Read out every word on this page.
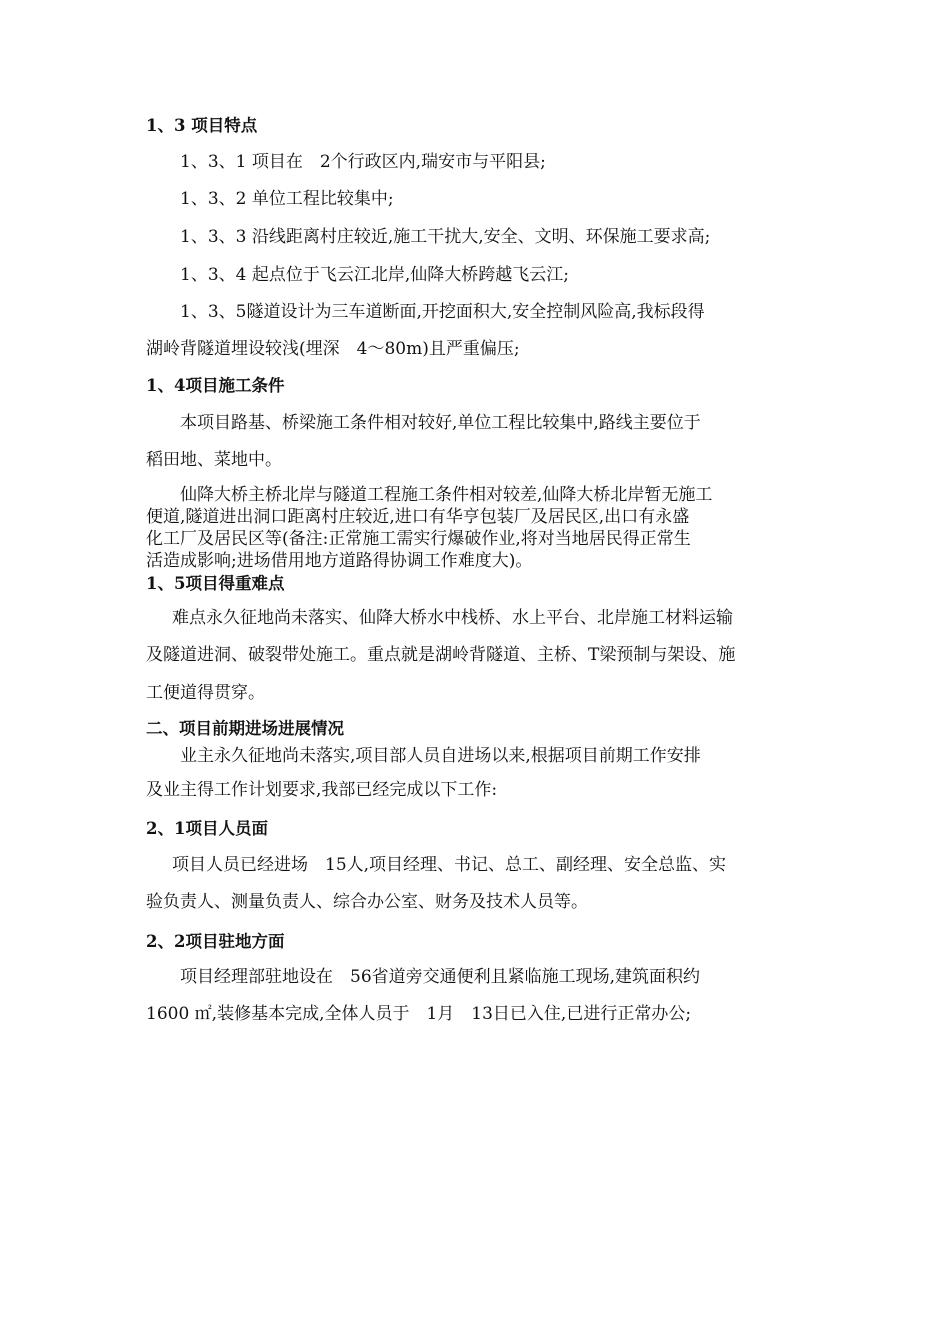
1、3 项目特点
1、3、1 项目在　2个行政区内,瑞安市与平阳县;
1、3、2 单位工程比较集中;
1、3、3 沿线距离村庄较近,施工干扰大,安全、文明、环保施工要求高;
1、3、4 起点位于飞云江北岸,仙降大桥跨越飞云江;
1、3、5隧道设计为三车道断面,开挖面积大,安全控制风险高,我标段得
湖岭背隧道埋设较浅(埋深　4～80m)且严重偏压;
1、4项目施工条件
本项目路基、桥梁施工条件相对较好,单位工程比较集中,路线主要位于
稻田地、菜地中。
仙降大桥主桥北岸与隧道工程施工条件相对较差,仙降大桥北岸暂无施工
便道,隧道进出洞口距离村庄较近,进口有华亨包装厂及居民区,出口有永盛
化工厂及居民区等(备注:正常施工需实行爆破作业,将对当地居民得正常生
活造成影响;进场借用地方道路得协调工作难度大)。
1、5项目得重难点
难点永久征地尚未落实、仙降大桥水中栈桥、水上平台、北岸施工材料运输
及隧道进洞、破裂带处施工。重点就是湖岭背隧道、主桥、T梁预制与架设、施
工便道得贯穿。
二、项目前期进场进展情况
业主永久征地尚未落实,项目部人员自进场以来,根据项目前期工作安排
及业主得工作计划要求,我部已经完成以下工作:
2、1项目人员面
项目人员已经进场　15人,项目经理、书记、总工、副经理、安全总监、实
验负责人、测量负责人、综合办公室、财务及技术人员等。
2、2项目驻地方面
项目经理部驻地设在　56省道旁交通便利且紧临施工现场,建筑面积约
1600 ㎡,装修基本完成,全体人员于　1月　13日已入住,已进行正常办公;
